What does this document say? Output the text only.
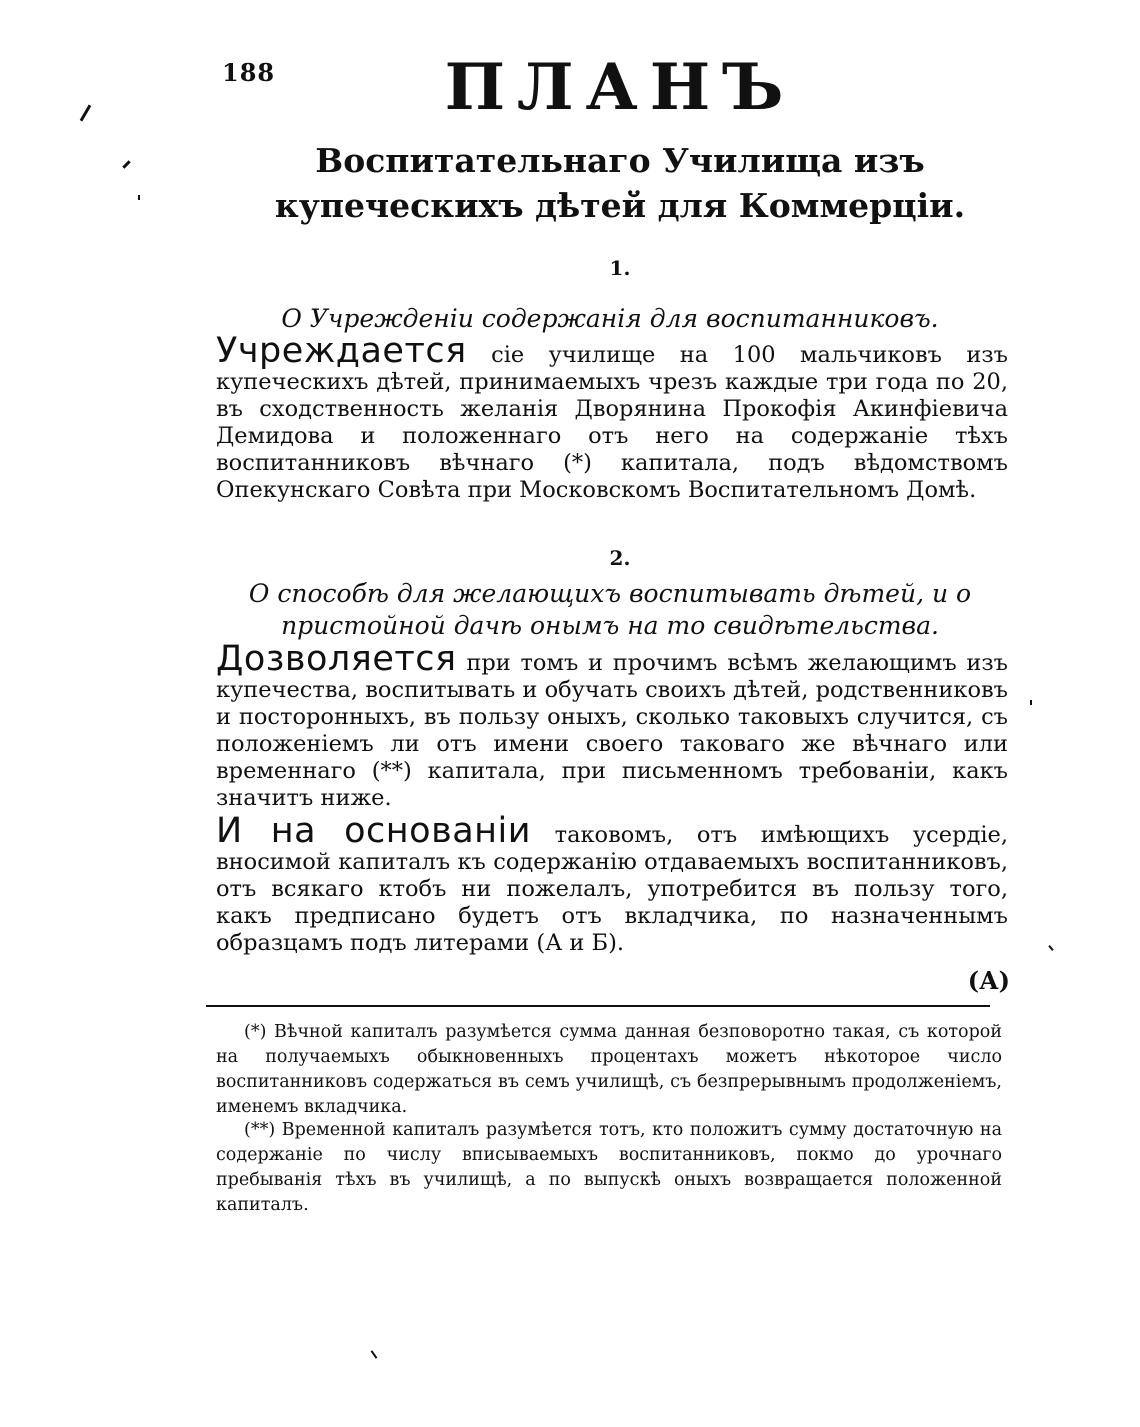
188	ПЛАНЪ
Воспитательнаго Училища изъ купеческихъ дѣтей для Коммерціи.
1.
О Учрежденіи содержанія для воспитанниковъ.
Учреждается сіе училище на 100 мальчиковъ изъ купеческихъ дѣтей, принимаемыхъ чрезъ каждые три года по 20, въ сходственность желанія Дворянина Прокофія Акинфіевича Демидова и положеннаго отъ него на содержаніе тѣхъ воспитанниковъ вѣчнаго (*) капитала, подъ вѣдомствомъ Опекунскаго Совѣта при Московскомъ Воспитательномъ Домѣ.
2.
О способѣ для желающихъ воспитывать дѣтей, и о пристойной дачѣ онымъ на то свидѣтельства.
Дозволяется при томъ и прочимъ всѣмъ желающимъ изъ купечества, воспитывать и обучать своихъ дѣтей, родственниковъ и посторонныхъ, въ пользу оныхъ, сколько таковыхъ случится, съ положеніемъ ли отъ имени своего таковаго же вѣчнаго или временнаго (**) капитала, при письменномъ требованіи, какъ значитъ ниже.
И на основаніи таковомъ, отъ имѣющихъ усердіе, вносимой капиталъ къ содержанію отдаваемыхъ воспитанниковъ, отъ всякаго ктобъ ни пожелалъ, употребится въ пользу того, какъ предписано будетъ отъ вкладчика, по назначеннымъ образцамъ подъ литерами (А и Б).
(А)
(*) Вѣчной капиталъ разумѣется сумма данная безповоротно такая, съ которой на получаемыхъ обыкновенныхъ процентахъ можетъ нѣкоторое число воспитанниковъ содержаться въ семъ училищѣ, съ безпрерывнымъ продолженіемъ, именемъ вкладчика.
(**) Временной капиталъ разумѣется тотъ, кто положитъ сумму достаточную на содержаніе по числу вписываемыхъ воспитанниковъ, покмо до урочнаго пребыванія тѣхъ въ училищѣ, а по выпускѣ оныхъ возвращается положенной капиталъ.
